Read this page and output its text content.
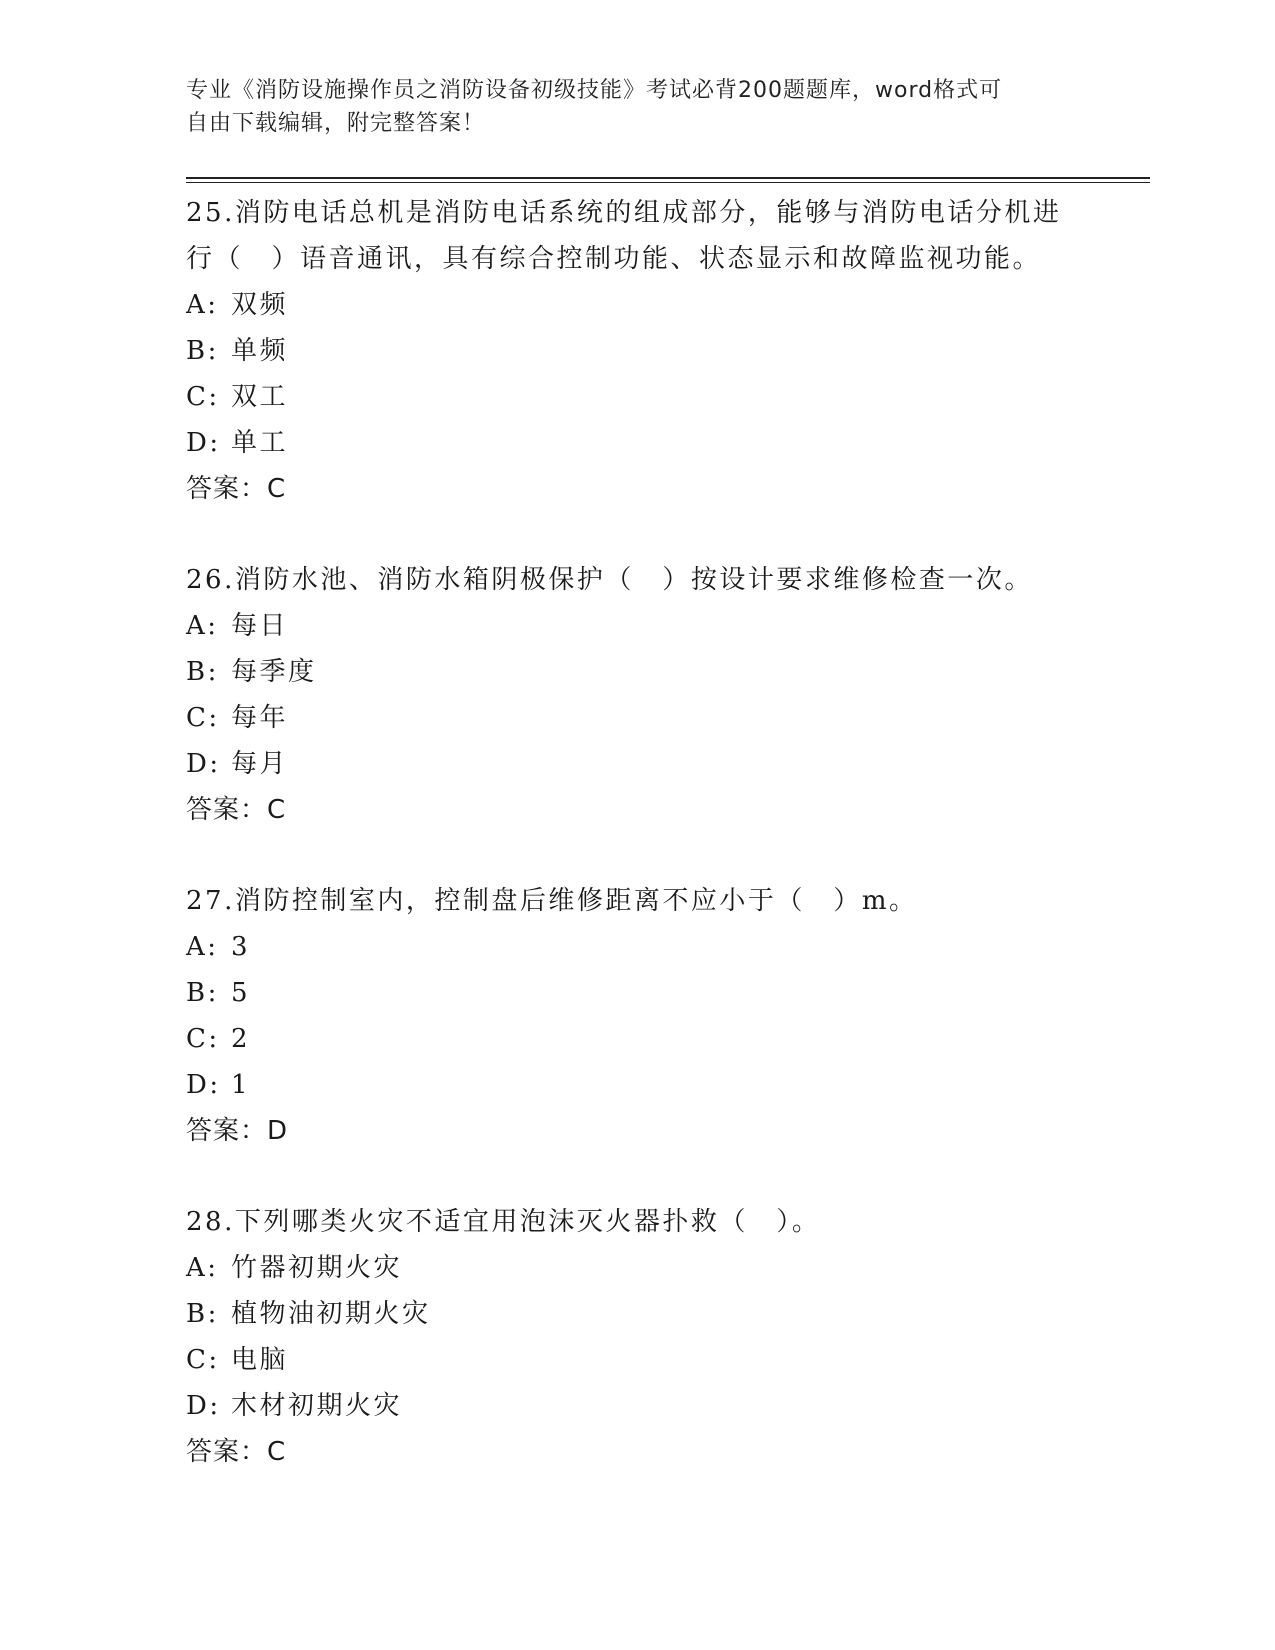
专业《消防设施操作员之消防设备初级技能》考试必背200题题库，word格式可
自由下载编辑，附完整答案！

25.消防电话总机是消防电话系统的组成部分，能够与消防电话分机进行（　）语音通讯，具有综合控制功能、状态显示和故障监视功能。

A: 双频

B: 单频

C: 双工

D: 单工

答案：C

26.消防水池、消防水箱阴极保护（　）按设计要求维修检查一次。

A: 每日

B: 每季度

C: 每年

D: 每月

答案：C

27.消防控制室内，控制盘后维修距离不应小于（　）m。

A: 3

B: 5

C: 2

D: 1

答案：D

28.下列哪类火灾不适宜用泡沫灭火器扑救（　）。

A: 竹器初期火灾

B: 植物油初期火灾

C: 电脑

D: 木材初期火灾

答案：C
